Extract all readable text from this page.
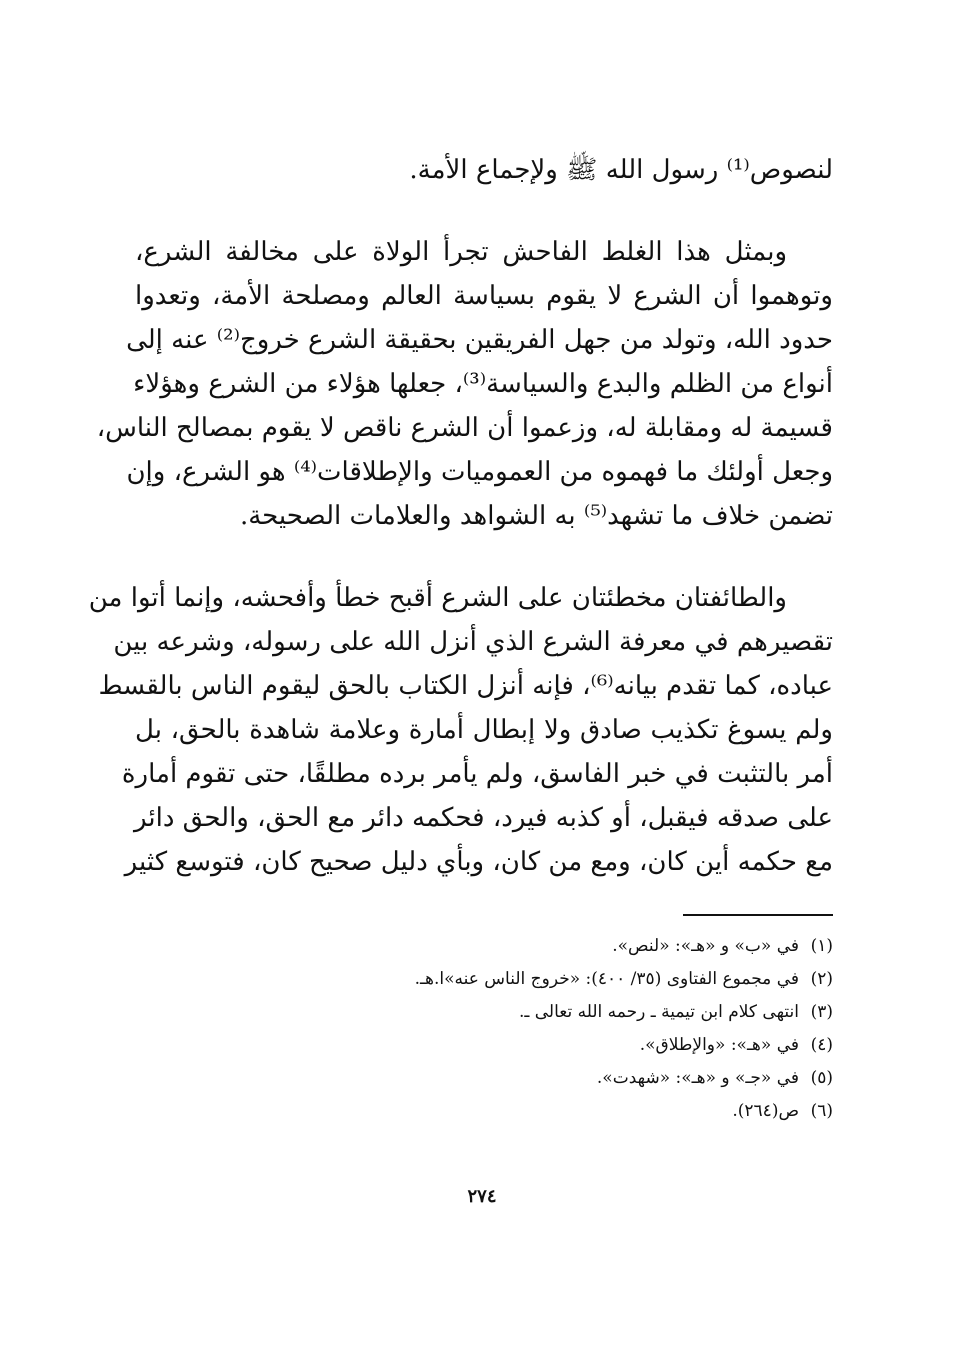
لنصوص⁽¹⁾ رسول الله ﷺ ولإجماع الأمة.
وبمثل هذا الغلط الفاحش تجرأ الولاة على مخالفة الشرع،
وتوهموا أن الشرع لا يقوم بسياسة العالم ومصلحة الأمة، وتعدوا
حدود الله، وتولد من جهل الفريقين بحقيقة الشرع خروج⁽²⁾ عنه إلى
أنواع من الظلم والبدع والسياسة⁽³⁾، جعلها هؤلاء من الشرع وهؤلاء
قسيمة له ومقابلة له، وزعموا أن الشرع ناقص لا يقوم بمصالح الناس،
وجعل أولئك ما فهموه من العموميات والإطلاقات⁽⁴⁾ هو الشرع، وإن
تضمن خلاف ما تشهد⁽⁵⁾ به الشواهد والعلامات الصحيحة.
والطائفتان مخطئتان على الشرع أقبح خطأ وأفحشه، وإنما أتوا من
تقصيرهم في معرفة الشرع الذي أنزل الله على رسوله، وشرعه بين
عباده، كما تقدم بيانه⁽⁶⁾، فإنه أنزل الكتاب بالحق ليقوم الناس بالقسط
ولم يسوغ تكذيب صادق ولا إبطال أمارة وعلامة شاهدة بالحق، بل
أمر بالتثبت في خبر الفاسق، ولم يأمر برده مطلقًا، حتى تقوم أمارة
على صدقه فيقبل، أو كذبه فيرد، فحكمه دائر مع الحق، والحق دائر
مع حكمه أين كان، ومع من كان، وبأي دليل صحيح كان، فتوسع كثير
(١)في «ب» و «هـ»: «لنص».
(٢)في مجموع الفتاوى (٣٥/ ٤٠٠): «خروج الناس عنه»ا.هـ.
(٣)انتهى كلام ابن تيمية ـ رحمه الله تعالى ـ.
(٤)في «هـ»: «والإطلاق».
(٥)في «جـ» و «هـ»: «شهدت».
(٦)ص(٢٦٤).
٢٧٤
